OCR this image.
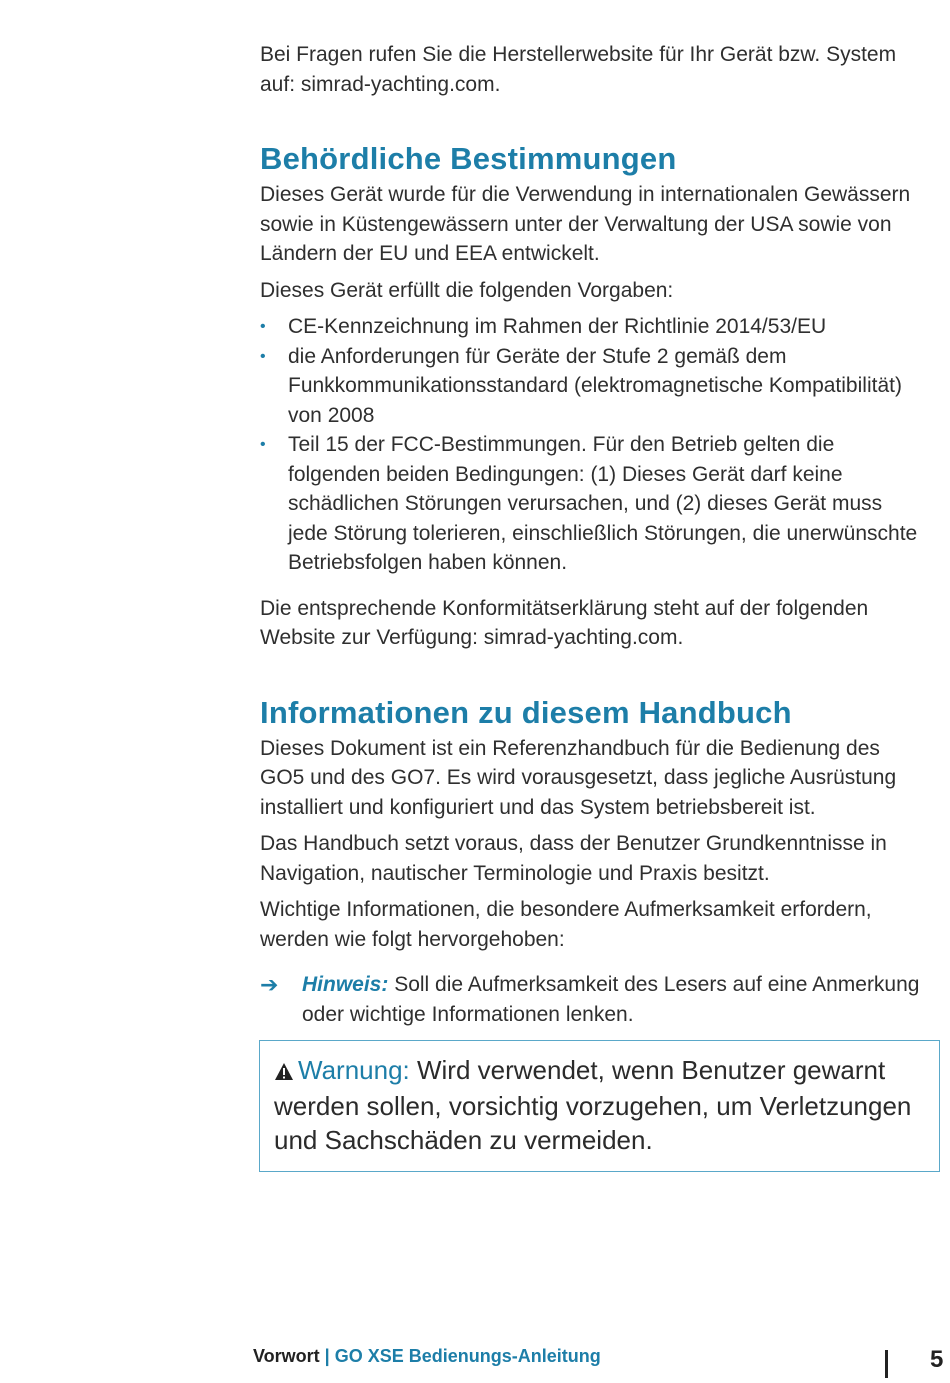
Bei Fragen rufen Sie die Herstellerwebsite für Ihr Gerät bzw. System auf: simrad-yachting.com.

Behördliche Bestimmungen

Dieses Gerät wurde für die Verwendung in internationalen Gewässern sowie in Küstengewässern unter der Verwaltung der USA sowie von Ländern der EU und EEA entwickelt.

Dieses Gerät erfüllt die folgenden Vorgaben:

• CE-Kennzeichnung im Rahmen der Richtlinie 2014/53/EU
• die Anforderungen für Geräte der Stufe 2 gemäß dem Funkkommunikationsstandard (elektromagnetische Kompatibilität) von 2008
• Teil 15 der FCC-Bestimmungen. Für den Betrieb gelten die folgenden beiden Bedingungen: (1) Dieses Gerät darf keine schädlichen Störungen verursachen, und (2) dieses Gerät muss jede Störung tolerieren, einschließlich Störungen, die unerwünschte Betriebsfolgen haben können.

Die entsprechende Konformitätserklärung steht auf der folgenden Website zur Verfügung: simrad-yachting.com.

Informationen zu diesem Handbuch

Dieses Dokument ist ein Referenzhandbuch für die Bedienung des GO5 und des GO7. Es wird vorausgesetzt, dass jegliche Ausrüstung installiert und konfiguriert und das System betriebsbereit ist.

Das Handbuch setzt voraus, dass der Benutzer Grundkenntnisse in Navigation, nautischer Terminologie und Praxis besitzt.

Wichtige Informationen, die besondere Aufmerksamkeit erfordern, werden wie folgt hervorgehoben:

➔ Hinweis: Soll die Aufmerksamkeit des Lesers auf eine Anmerkung oder wichtige Informationen lenken.
Warnung: Wird verwendet, wenn Benutzer gewarnt werden sollen, vorsichtig vorzugehen, um Verletzungen und Sachschäden zu vermeiden.
Vorwort | GO XSE Bedienungs-Anleitung	5
